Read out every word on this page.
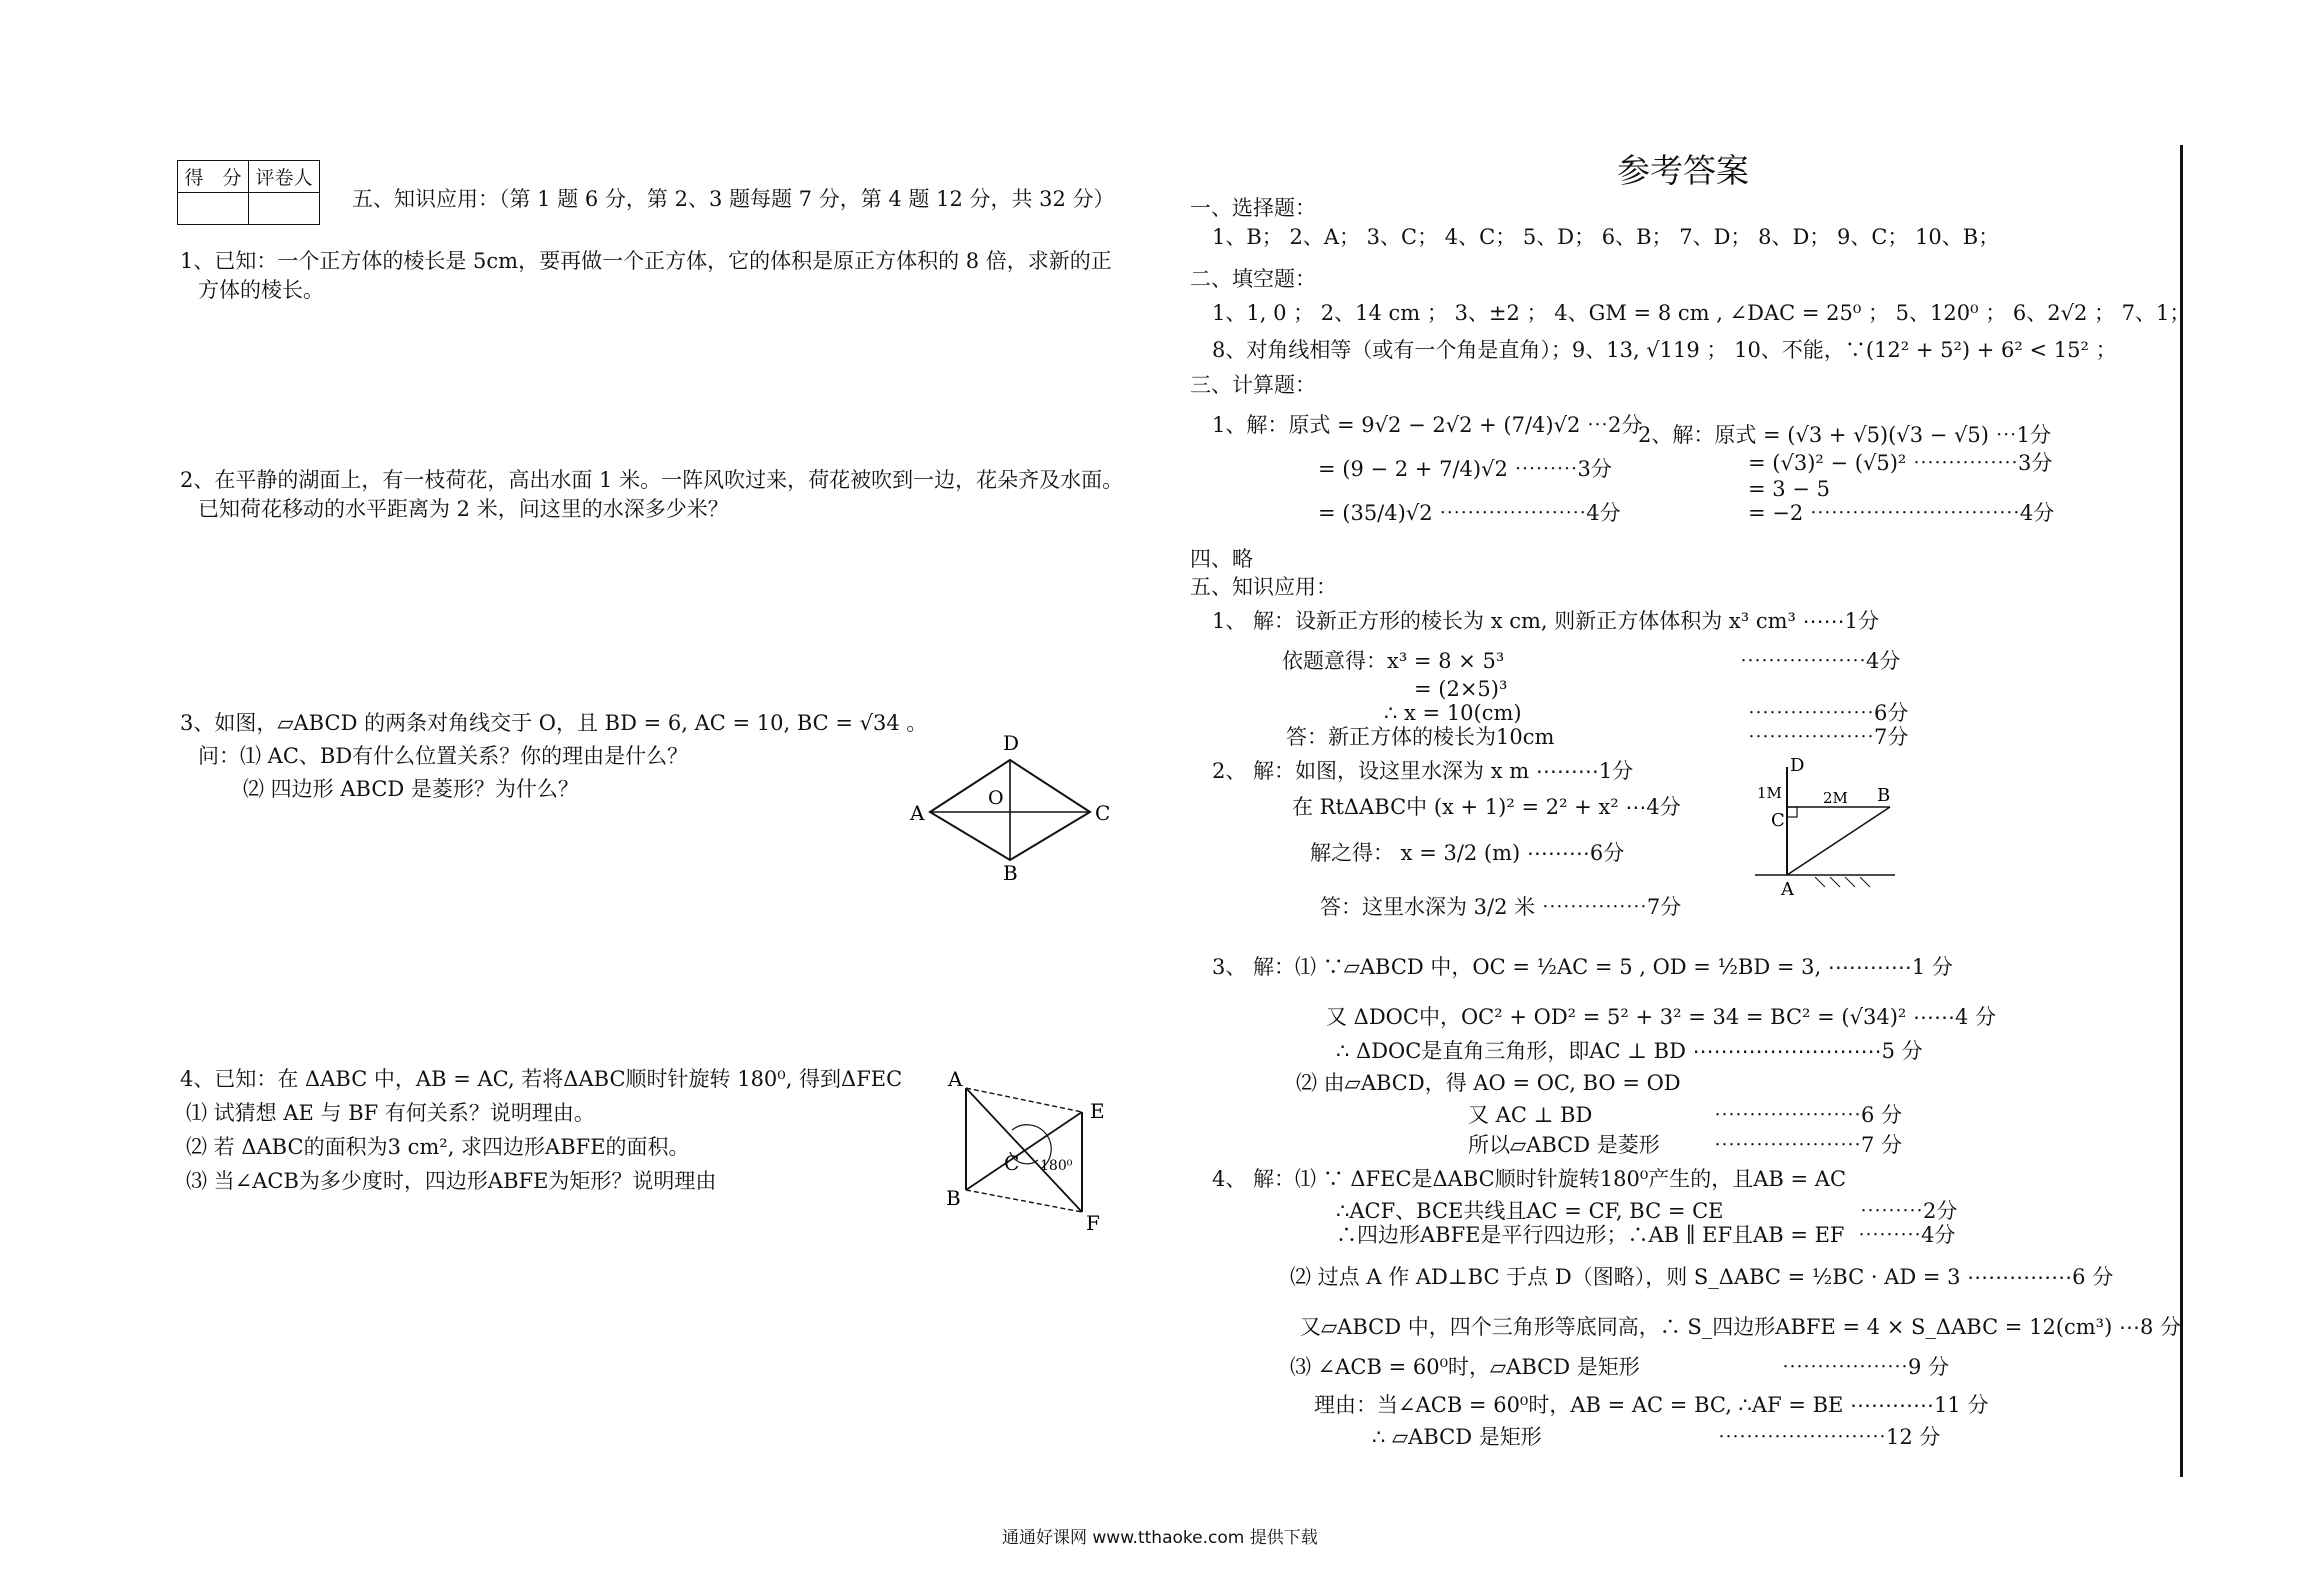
得　分	评卷人

五、知识应用：（第 1 题 6 分，第 2、3 题每题 7 分，第 4 题 12 分，共 32 分）
1、已知：一个正方体的棱长是 5cm，要再做一个正方体，它的体积是原正方体积的 8 倍，求新的正
方体的棱长。
2、在平静的湖面上，有一枝荷花，高出水面 1 米。一阵风吹过来，荷花被吹到一边，花朵齐及水面。
已知荷花移动的水平距离为 2 米，问这里的水深多少米？
3、如图，▱ABCD 的两条对角线交于 O，且 BD = 6, AC = 10, BC = √34 。
问：⑴ AC、BD有什么位置关系？你的理由是什么？
⑵ 四边形 ABCD 是菱形？为什么？
A
D
C
B
O
4、已知：在 ΔABC 中，AB = AC, 若将ΔABC顺时针旋转 180⁰, 得到ΔFEC
⑴ 试猜想 AE 与 BF 有何关系？说明理由。
⑵ 若 ΔABC的面积为3 cm², 求四边形ABFE的面积。
⑶ 当∠ACB为多少度时，四边形ABFE为矩形？说明理由
A
B
E
F
C 180⁰
参考答案
一、选择题：
1、B； 2、A； 3、C； 4、C； 5、D； 6、B； 7、D； 8、D； 9、C； 10、B；
二、填空题：
1、1, 0 ； 2、14 cm ； 3、±2 ； 4、GM = 8 cm , ∠DAC = 25⁰ ； 5、120⁰ ； 6、2√2 ； 7、1；
8、对角线相等（或有一个角是直角）；9、13, √119 ； 10、不能，∵(12² + 5²) + 6² < 15² ；
三、计算题：
1、解：原式 = 9√2 − 2√2 + (7/4)√2 ⋯2分
= (9 − 2 + 7/4)√2 ⋯⋯⋯3分
= (35/4)√2 ⋯⋯⋯⋯⋯⋯⋯4分
2、解：原式 = (√3 + √5)(√3 − √5) ⋯1分
= (√3)² − (√5)² ⋯⋯⋯⋯⋯3分
= 3 − 5
= −2 ⋯⋯⋯⋯⋯⋯⋯⋯⋯⋯4分
四、略
五、知识应用：
1、 解：设新正方形的棱长为 x cm, 则新正方体体积为 x³ cm³ ⋯⋯1分
依题意得：x³ = 8 × 5³
= (2×5)³
∴ x = 10(cm)
答：新正方体的棱长为10cm
⋯⋯⋯⋯⋯⋯4分
⋯⋯⋯⋯⋯⋯6分
⋯⋯⋯⋯⋯⋯7分
2、 解：如图，设这里水深为 x m ⋯⋯⋯1分
在 RtΔABC中 (x + 1)² = 2² + x² ⋯4分
解之得： x = 3/2 (m) ⋯⋯⋯6分
答：这里水深为 3/2 米 ⋯⋯⋯⋯⋯7分
D
B
C
A
1M	2M
3、 解：⑴ ∵▱ABCD 中，OC = ½AC = 5 , OD = ½BD = 3, ⋯⋯⋯⋯1 分
又 ΔDOC中，OC² + OD² = 5² + 3² = 34 = BC² = (√34)² ⋯⋯4 分
∴ ΔDOC是直角三角形，即AC ⊥ BD ⋯⋯⋯⋯⋯⋯⋯⋯⋯5 分
⑵ 由▱ABCD，得 AO = OC, BO = OD
又 AC ⊥ BD
所以▱ABCD 是菱形
⋯⋯⋯⋯⋯⋯⋯6 分
⋯⋯⋯⋯⋯⋯⋯7 分
4、 解：⑴ ∵ ΔFEC是ΔABC顺时针旋转180⁰产生的，且AB = AC
∴ACF、BCE共线且AC = CF, BC = CE
∴四边形ABFE是平行四边形；∴AB ∥ EF且AB = EF
⋯⋯⋯2分
⋯⋯⋯4分
⑵ 过点 A 作 AD⊥BC 于点 D（图略），则 S_ΔABC = ½BC · AD = 3 ⋯⋯⋯⋯⋯6 分
又▱ABCD 中，四个三角形等底同高，∴ S_四边形ABFE = 4 × S_ΔABC = 12(cm³) ⋯8 分
⑶ ∠ACB = 60⁰时，▱ABCD 是矩形	⋯⋯⋯⋯⋯⋯9 分
理由：当∠ACB = 60⁰时，AB = AC = BC, ∴AF = BE ⋯⋯⋯⋯11 分
∴ ▱ABCD 是矩形	⋯⋯⋯⋯⋯⋯⋯⋯12 分
通通好课网 www.tthaoke.com 提供下载
